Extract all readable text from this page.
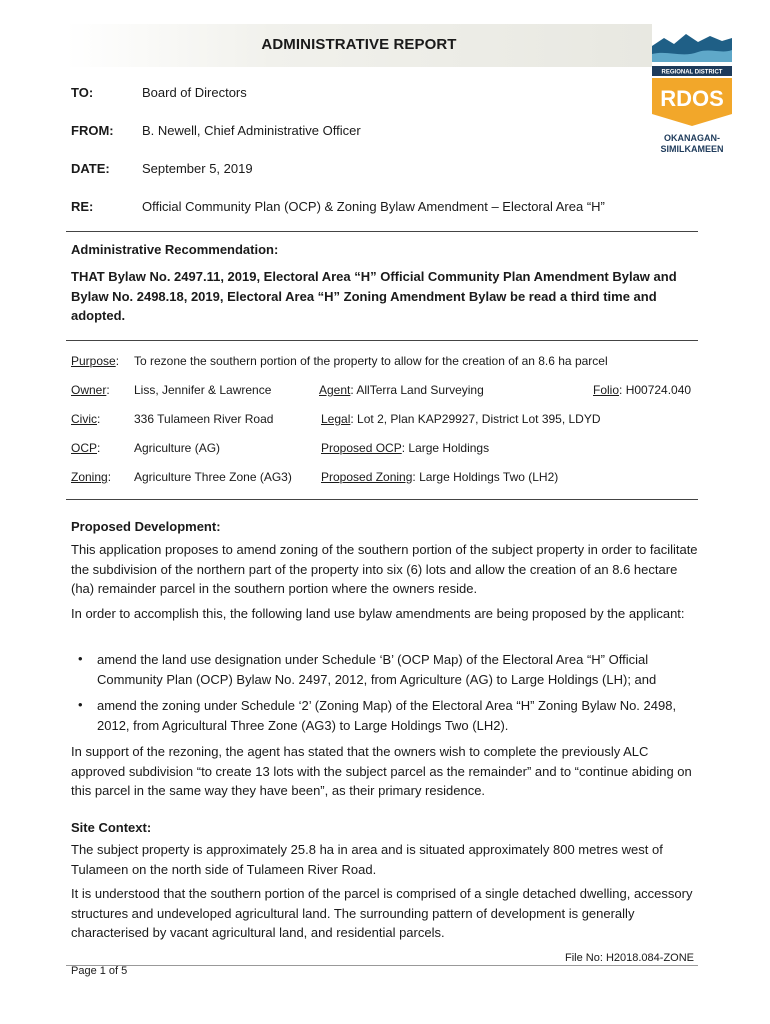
ADMINISTRATIVE REPORT
REGIONAL DISTRICT
RDOS
OKANAGAN-
SIMILKAMEEN
TO:	Board of Directors
FROM: B. Newell, Chief Administrative Officer
DATE: September 5, 2019
RE:	Official Community Plan (OCP) & Zoning Bylaw Amendment – Electoral Area “H”
Administrative Recommendation:
THAT Bylaw No. 2497.11, 2019, Electoral Area “H” Official Community Plan Amendment Bylaw and Bylaw No. 2498.18, 2019, Electoral Area “H” Zoning Amendment Bylaw be read a third time and adopted.
Purpose: To rezone the southern portion of the property to allow for the creation of an 8.6 ha parcel
Owner: Liss, Jennifer & Lawrence	Agent: AllTerra Land Surveying	Folio: H00724.040
Civic:	336 Tulameen River Road	Legal: Lot 2, Plan KAP29927, District Lot 395, LDYD
OCP:	Agriculture (AG)	Proposed OCP: Large Holdings
Zoning: Agriculture Three Zone (AG3) Proposed Zoning: Large Holdings Two (LH2)
Proposed Development:
This application proposes to amend zoning of the southern portion of the subject property in order to facilitate the subdivision of the northern part of the property into six (6) lots and allow the creation of an 8.6 hectare (ha) remainder parcel in the southern portion where the owners reside.
In order to accomplish this, the following land use bylaw amendments are being proposed by the applicant:
• amend the land use designation under Schedule ‘B’ (OCP Map) of the Electoral Area “H” Official Community Plan (OCP) Bylaw No. 2497, 2012, from Agriculture (AG) to Large Holdings (LH); and
• amend the zoning under Schedule ‘2’ (Zoning Map) of the Electoral Area “H” Zoning Bylaw No. 2498, 2012, from Agricultural Three Zone (AG3) to Large Holdings Two (LH2).
In support of the rezoning, the agent has stated that the owners wish to complete the previously ALC approved subdivision “to create 13 lots with the subject parcel as the remainder” and to “continue abiding on this parcel in the same way they have been”, as their primary residence.
Site Context:
The subject property is approximately 25.8 ha in area and is situated approximately 800 metres west of Tulameen on the north side of Tulameen River Road.
It is understood that the southern portion of the parcel is comprised of a single detached dwelling, accessory structures and undeveloped agricultural land. The surrounding pattern of development is generally characterised by vacant agricultural land, and residential parcels.
File No: H2018.084-ZONE
Page 1 of 5
